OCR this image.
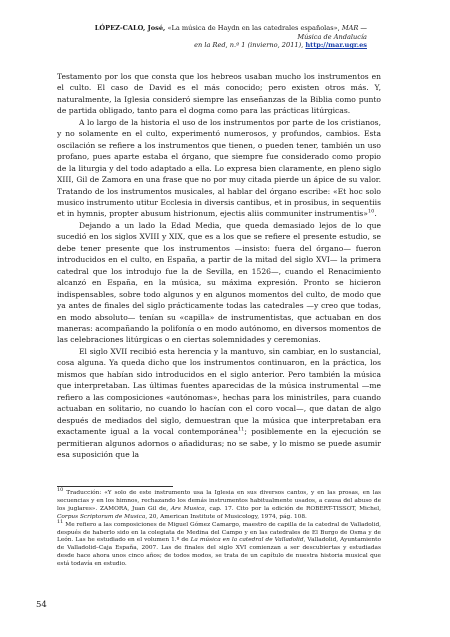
LÓPEZ-CALO, José, «La música de Haydn en las catedrales españolas», MAR — Música de Andalucía
en la Red, n.º 1 (invierno, 2011), http://mar.ugr.es

Testamento por los que consta que los hebreos usaban mucho los instrumentos en el culto. El caso de David es el más conocido; pero existen otros más. Y, naturalmente, la Iglesia consideró siempre las enseñanzas de la Biblia como punto de partida obligado, tanto para el dogma como para las prácticas litúrgicas.

A lo largo de la historia el uso de los instrumentos por parte de los cristianos, y no solamente en el culto, experimentó numerosos, y profundos, cambios. Esta oscilación se refiere a los instrumentos que tienen, o pueden tener, también un uso profano, pues aparte estaba el órgano, que siempre fue considerado como propio de la liturgia y del todo adaptado a ella. Lo expresa bien claramente, en pleno siglo XIII, Gil de Zamora en una frase que no por muy citada pierde un ápice de su valor. Tratando de los instrumentos musicales, al hablar del órgano escribe: «Et hoc solo musico instrumento utitur Ecclesia in diversis cantibus, et in prosibus, in sequentiis et in hymnis, propter abusum histrionum, ejectis aliis communiter instrumentis»$^{10}$.

Dejando a un lado la Edad Media, que queda demasiado lejos de lo que sucedió en los siglos XVIII y XIX, que es a los que se refiere el presente estudio, se debe tener presente que los instrumentos —insisto: fuera del órgano— fueron introducidos en el culto, en España, a partir de la mitad del siglo XVI— la primera catedral que los introdujo fue la de Sevilla, en 1526—, cuando el Renacimiento alcanzó en España, en la música, su máxima expresión. Pronto se hicieron indispensables, sobre todo algunos y en algunos momentos del culto, de modo que ya antes de finales del siglo prácticamente todas las catedrales —y creo que todas, en modo absoluto— tenían su «capilla» de instrumentistas, que actuaban en dos maneras: acompañando la polifonía o en modo autónomo, en diversos momentos de las celebraciones litúrgicas o en ciertas solemnidades y ceremonias.

El siglo XVII recibió esta herencia y la mantuvo, sin cambiar, en lo sustancial, cosa alguna. Ya queda dicho que los instrumentos continuaron, en la práctica, los mismos que habían sido introducidos en el siglo anterior. Pero también la música que interpretaban. Las últimas fuentes aparecidas de la música instrumental —me refiero a las composiciones «autónomas», hechas para los ministriles, para cuando actuaban en solitario, no cuando lo hacían con el coro vocal—, que datan de algo después de mediados del siglo, demuestran que la música que interpretaban era exactamente igual a la vocal contemporánea$^{11}$; posiblemente en la ejecución se permitieran algunos adornos o añadiduras; no se sabe, y lo mismo se puede asumir esa suposición que la

$^{10}$ Traducción: «Y solo de este instrumento usa la Iglesia en sus diversos cantos, y en las prosas, en las secuencias y en los himnos, rechazando los demás instrumentos habitualmente usados, a causa del abuso de los juglares». ZAMORA, Juan Gil de, Ars Musica, cap. 17. Cito por la edición de ROBERT-TISSOT, Michel, Corpus Scriptorum de Musica, 20, American Institute of Musicology, 1974, pág. 108.

$^{11}$ Me refiero a las composiciones de Miguel Gómez Camargo, maestro de capilla de la catedral de Valladolid, después de haberlo sido en la colegiata de Medina del Campo y en las catedrales de El Burgo de Osma y de León. Las he estudiado en el volumen 1.º de La música en la catedral de Valladolid, Valladolid, Ayuntamiento de Valladolid–Caja España, 2007. Las de finales del siglo XVI comienzan a ser descubiertas y estudiadas desde hace ahora unos cinco años; de todos modos, se trata de un capítulo de nuestra historia musical que está todavía en estudio.

54
